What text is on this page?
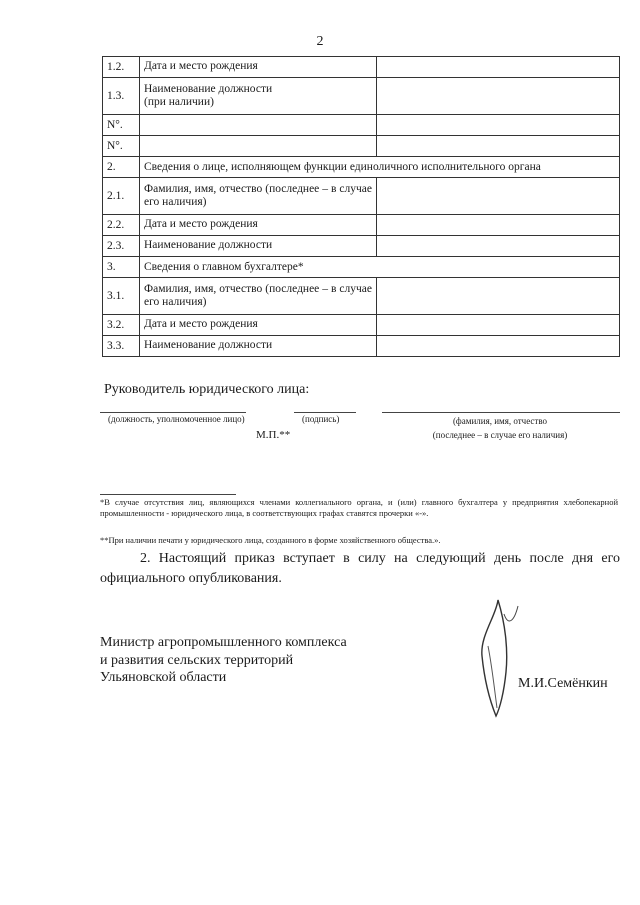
2
1.2.	Дата и место рождения	
1.3.	Наименование должности
(при наличии)	
N°.		
N°.		
2.	Сведения о лице, исполняющем функции единоличного исполнительного органа	
2.1.	Фамилия, имя, отчество (последнее – в случае его наличия)	
2.2.	Дата и место рождения	
2.3.	Наименование должности	
3.	Сведения о главном бухгалтере*	
3.1.	Фамилия, имя, отчество (последнее – в случае его наличия)	
3.2.	Дата и место рождения	
3.3.	Наименование должности	
Руководитель юридического лица:
(должность, уполномоченное лицо)	(подпись)	(фамилия, имя, отчество
(последнее – в случае его наличия)
М.П.**
*В случае отсутствия лиц, являющихся членами коллегиального органа, и (или) главного бухгалтера у предприятия хлебопекарной промышленности - юридического лица, в соответствующих графах ставятся прочерки «-».
**При наличии печати у юридического лица, созданного в форме хозяйственного общества.».
2. Настоящий приказ вступает в силу на следующий день после дня его официального опубликования.
Министр агропромышленного комплекса
и развития сельских территорий
Ульяновской области	М.И.Семёнкин
